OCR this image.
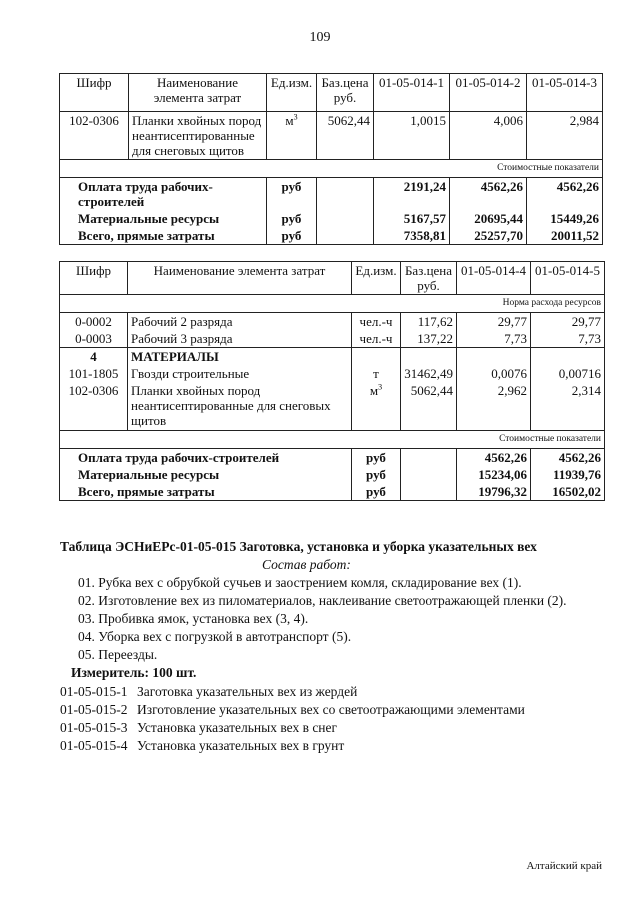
109
Шифр	Наименование элемента затрат	Ед.изм.	Баз.цена руб.	01-05-014-1	01-05-014-2	01-05-014-3
102-0306	Планки хвойных пород неантисептированные для снеговых щитов	$м^3$	5062,44	1,0015	4,006	2,984
Стоимостные показатели						
Оплата труда рабочих-строителей		руб		2191,24	4562,26	4562,26
Материальные ресурсы		руб		5167,57	20695,44	15449,26
Всего, прямые затраты		руб		7358,81	25257,70	20011,52
Шифр	Наименование элемента затрат	Ед.изм.	Баз.цена руб.	01-05-014-4	01-05-014-5
Норма расхода ресурсов					
0-0002	Рабочий 2 разряда	чел.-ч	117,62	29,77	29,77
0-0003	Рабочий 3 разряда	чел.-ч	137,22	7,73	7,73
4	МАТЕРИАЛЫ				
101-1805	Гвозди строительные	т	31462,49	0,0076	0,00716
102-0306	Планки хвойных пород неантисептированные для снеговых щитов	$м^3$	5062,44	2,962	2,314
Стоимостные показатели					
Оплата труда рабочих-строителей		руб		4562,26	4562,26
Материальные ресурсы		руб		15234,06	11939,76
Всего, прямые затраты		руб		19796,32	16502,02
Таблица ЭСНиЕРс-01-05-015 Заготовка, установка и уборка указательных вех
Состав работ:
01. Рубка вех с обрубкой сучьев и заострением комля, складирование вех (1).
02. Изготовление вех из пиломатериалов, наклеивание светоотражающей пленки (2).
03. Пробивка ямок, установка вех (3, 4).
04. Уборка вех с погрузкой в автотранспорт (5).
05. Переезды.
Измеритель: 100 шт.
01-05-015-1 Заготовка указательных вех из жердей
01-05-015-2 Изготовление указательных вех со светоотражающими элементами
01-05-015-3 Установка указательных вех в снег
01-05-015-4 Установка указательных вех в грунт
Алтайский край
